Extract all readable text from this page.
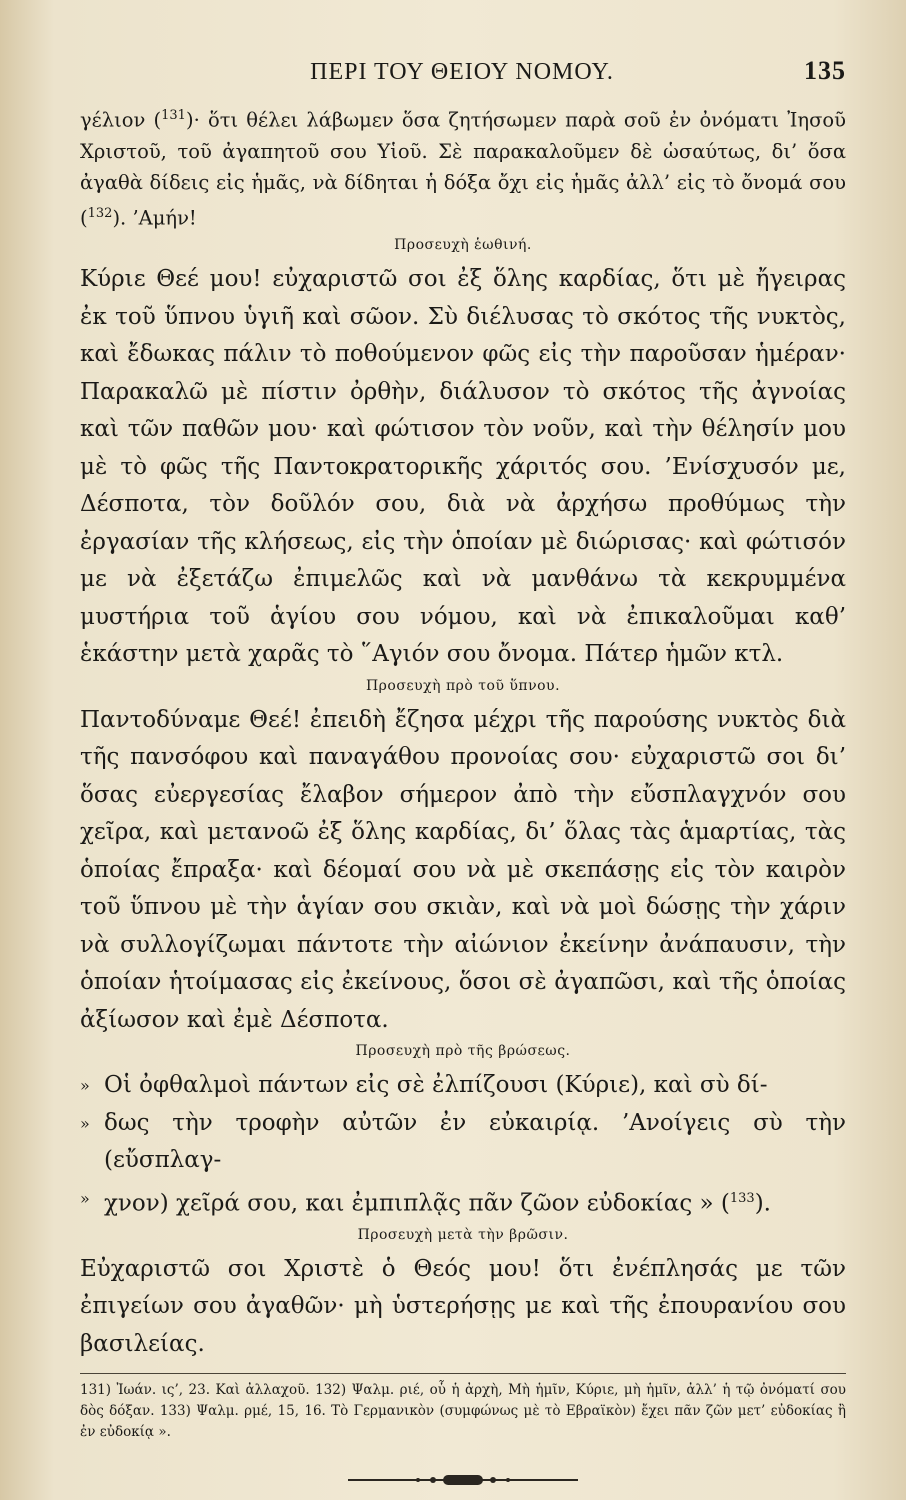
ΠΕΡΙ ΤΟΥ ΘΕΙΟΥ ΝΟΜΟΥ.	135

γέλιον ($^{131}$)· ὅτι θέλει λάβωμεν ὅσα ζητήσωμεν παρὰ σοῦ ἐν ὀνόματι Ἰησοῦ Χριστοῦ, τοῦ ἀγαπητοῦ σου Υἱοῦ. Σὲ παρακαλοῦμεν δὲ ὡσαύτως, δι’ ὅσα ἀγαθὰ δίδεις εἰς ἡμᾶς, νὰ δίδηται ἡ δόξα ὄχι εἰς ἡμᾶς ἀλλ’ εἰς τὸ ὄνομά σου ($^{132}$). ’Αμήν!

Προσευχὴ ἑωθινή.

Κύριε Θεέ μου! εὐχαριστῶ σοι ἐξ ὅλης καρδίας, ὅτι μὲ ἤγειρας ἐκ τοῦ ὕπνου ὑγιῆ καὶ σῶον. Σὺ διέλυσας τὸ σκότος τῆς νυκτὸς, καὶ ἔδωκας πάλιν τὸ ποθούμενον φῶς εἰς τὴν παροῦσαν ἡμέραν· Παρακαλῶ μὲ πίστιν ὀρθὴν, διάλυσον τὸ σκότος τῆς ἀγνοίας καὶ τῶν παθῶν μου· καὶ φώτισον τὸν νοῦν, καὶ τὴν θέλησίν μου μὲ τὸ φῶς τῆς Παντοκρατορικῆς χάριτός σου. ’Ενίσχυσόν με, Δέσποτα, τὸν δοῦλόν σου, διὰ νὰ ἀρχήσω προθύμως τὴν ἐργασίαν τῆς κλήσεως, εἰς τὴν ὁποίαν μὲ διώρισας· καὶ φώτισόν με νὰ ἐξετάζω ἐπιμελῶς καὶ νὰ μανθάνω τὰ κεκρυμμένα μυστήρια τοῦ ἁγίου σου νόμου, καὶ νὰ ἐπικαλοῦμαι καθ’ ἑκάστην μετὰ χαρᾶς τὸ ῞Αγιόν σου ὄνομα. Πάτερ ἡμῶν κτλ.

Προσευχὴ πρὸ τοῦ ὕπνου.

Παντοδύναμε Θεέ! ἐπειδὴ ἔζησα μέχρι τῆς παρούσης νυκτὸς διὰ τῆς πανσόφου καὶ παναγάθου προνοίας σου· εὐχαριστῶ σοι δι’ ὅσας εὐεργεσίας ἔλαβον σήμερον ἀπὸ τὴν εὔσπλαγχνόν σου χεῖρα, καὶ μετανοῶ ἐξ ὅλης καρδίας, δι’ ὅλας τὰς ἁμαρτίας, τὰς ὁποίας ἔπραξα· καὶ δέομαί σου νὰ μὲ σκεπάσῃς εἰς τὸν καιρὸν τοῦ ὕπνου μὲ τὴν ἁγίαν σου σκιὰν, καὶ νὰ μοὶ δώσῃς τὴν χάριν νὰ συλλογίζωμαι πάντοτε τὴν αἰώνιον ἐκείνην ἀνάπαυσιν, τὴν ὁποίαν ἡτοίμασας εἰς ἐκείνους, ὅσοι σὲ ἀγαπῶσι, καὶ τῆς ὁποίας ἀξίωσον καὶ ἐμὲ Δέσποτα.

Προσευχὴ πρὸ τῆς βρώσεως.
» Οἱ ὀφθαλμοὶ πάντων εἰς σὲ ἐλπίζουσι (Κύριε), καὶ σὺ δί-
» δως τὴν τροφὴν αὐτῶν ἐν εὐκαιρίᾳ. ’Ανοίγεις σὺ τὴν (εὔσπλαγ-
» χνον) χεῖρά σου, και ἐμπιπλᾷς πᾶν ζῶον εὐδοκίας » ($^{133}$).
Προσευχὴ μετὰ τὴν βρῶσιν.

Εὐχαριστῶ σοι Χριστὲ ὁ Θεός μου! ὅτι ἐνέπλησάς με τῶν ἐπιγείων σου ἀγαθῶν· μὴ ὑστερήσῃς με καὶ τῆς ἐπουρανίου σου βασιλείας.

131) Ἰωάν. ις’, 23. Καὶ ἀλλαχοῦ. 132) Ψαλμ. ριέ, οὗ ἡ ἀρχὴ, Μὴ ἡμῖν, Κύριε, μὴ ἡμῖν, ἀλλ’ ἡ τῷ ὀνόματί σου δὸς δόξαν. 133) Ψαλμ. ρμέ, 15, 16. Τὸ Γερμανικὸν (συμφώνως μὲ τὸ Εβραϊκὸν) ἔχει πᾶν ζῶν μετ’ εὐδοκίας ἢ ἐν εὐδοκίᾳ ».
